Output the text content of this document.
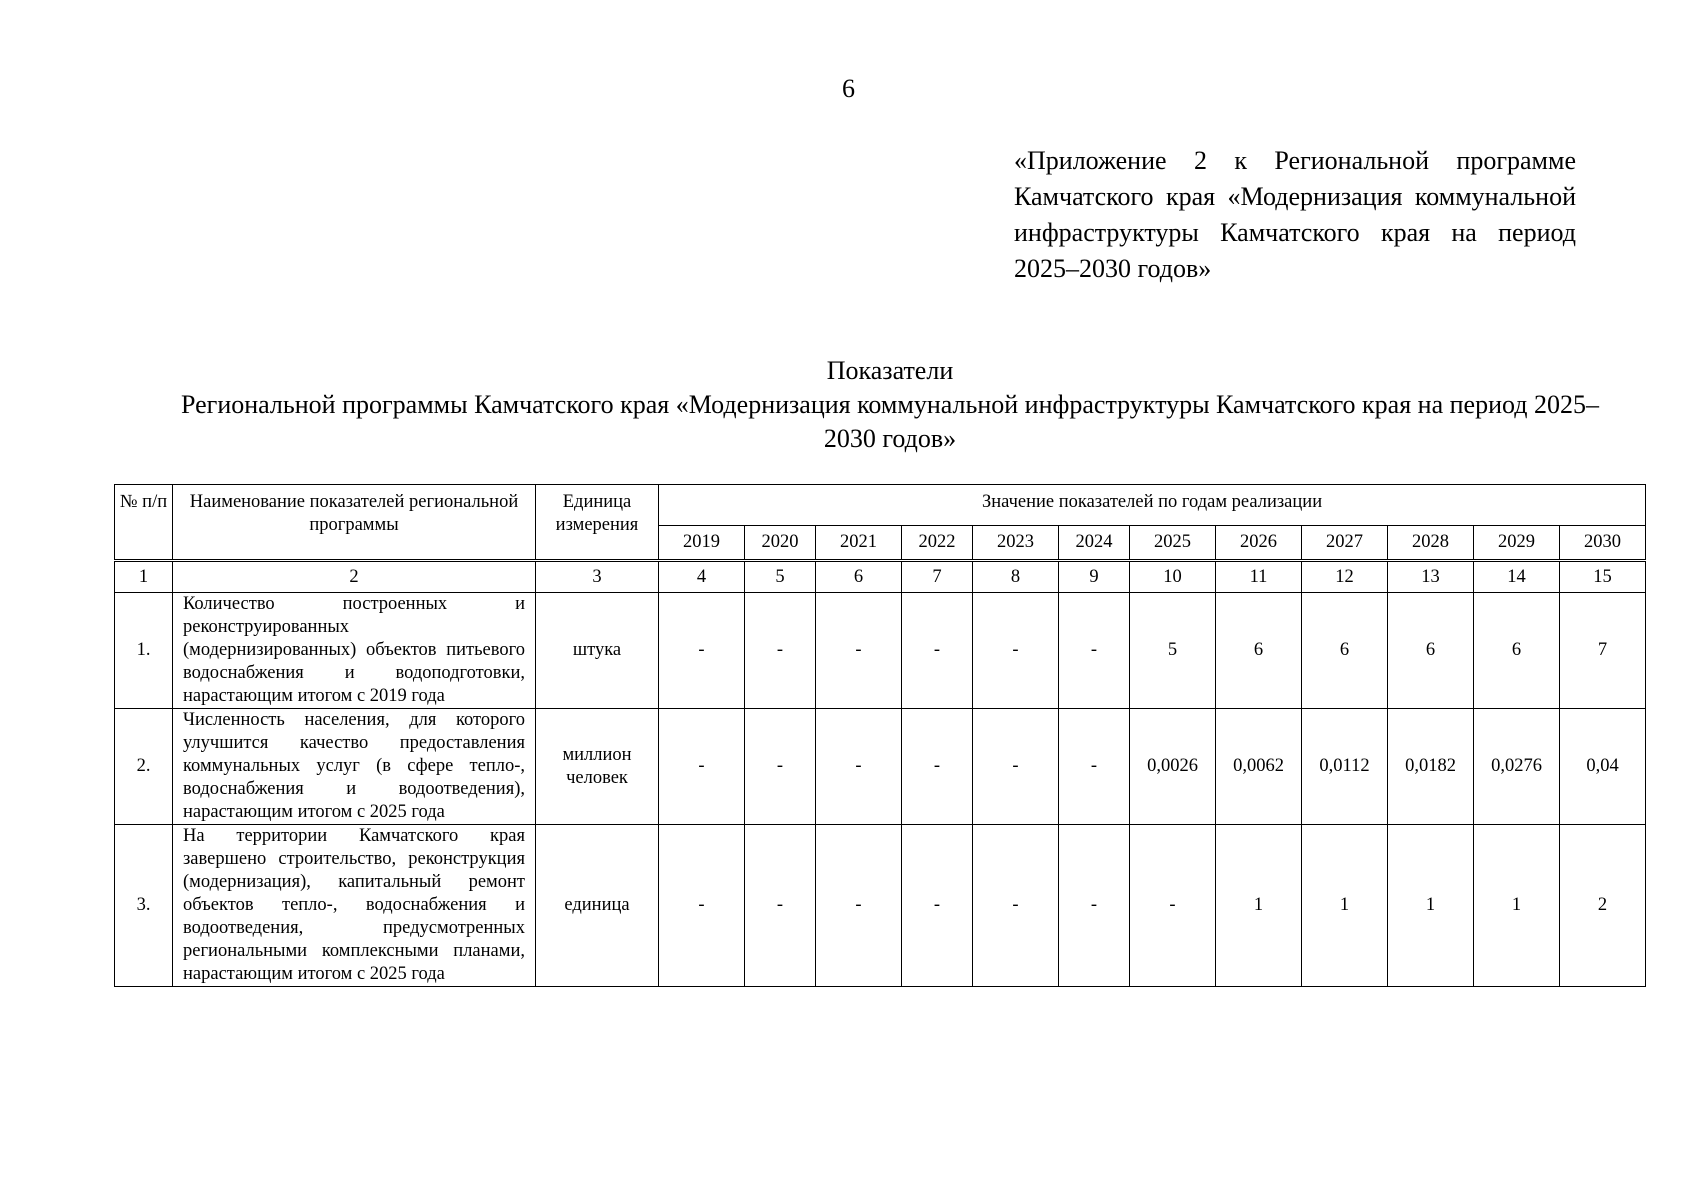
6
«Приложение 2 к Региональной программе Камчатского края «Модернизация коммунальной инфраструктуры Камчатского края на период 2025–2030 годов»
Показатели
Региональной программы Камчатского края «Модернизация коммунальной инфраструктуры Камчатского края на период 2025–2030 годов»
№ п/п	Наименование показателей региональной программы	Единица измерения	Значение показателей по годам реализации											
			2019	2020	2021	2022	2023	2024	2025	2026	2027	2028	2029	2030
1	2	3	4	5	6	7	8	9	10	11	12	13	14	15
1.	Количество построенных и реконструированных (модернизированных) объектов питьевого водоснабжения и водоподготовки, нарастающим итогом с 2019 года	штука	-	-	-	-	-	-	5	6	6	6	6	7
2.	Численность населения, для которого улучшится качество предоставления коммунальных услуг (в сфере тепло-, водоснабжения и водоотведения), нарастающим итогом с 2025 года	миллион человек	-	-	-	-	-	-	0,0026	0,0062	0,0112	0,0182	0,0276	0,04
3.	На территории Камчатского края завершено строительство, реконструкция (модернизация), капитальный ремонт объектов тепло-, водоснабжения и водоотведения, предусмотренных региональными комплексными планами, нарастающим итогом с 2025 года	единица	-	-	-	-	-	-	-	1	1	1	1	2
